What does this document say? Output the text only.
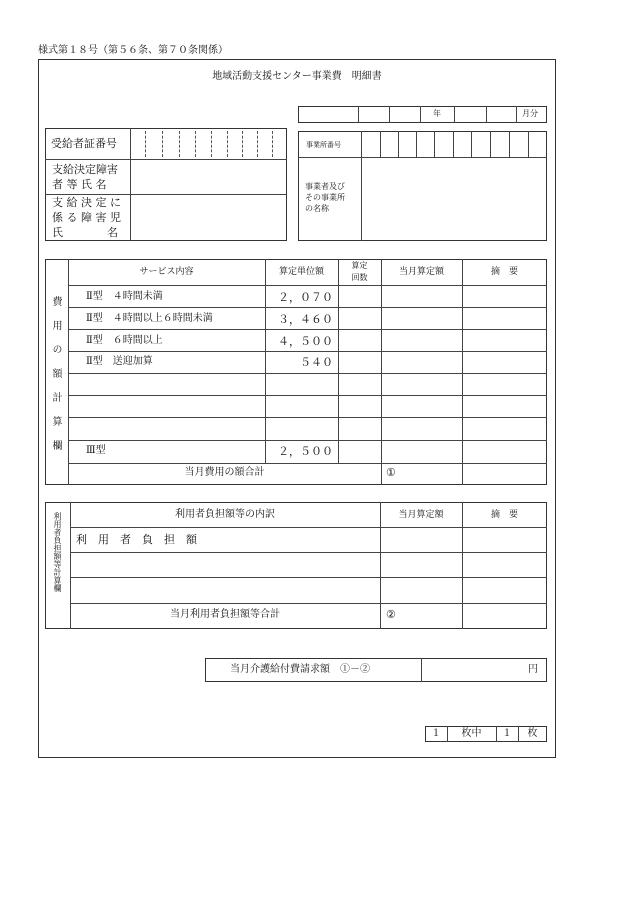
様式第１８号（第５６条、第７０条関係）
地域活動支援センター事業費　明細書
年	月分
受給者証番号
支給決定障害
者 等 氏 名
支 給 決 定 に
係 る 障 害 児
氏　　　　名
事業所番号
事業者及び
その事業所
の名称
費用の額計算欄
サービス内容	算定単位額
算定
回数
当月算定額	摘　要
Ⅱ型　４時間未満	２，０７０
Ⅱ型　４時間以上６時間未満	３，４６０
Ⅱ型　６時間以上	４，５００
Ⅱ型　送迎加算	５４０
Ⅲ型	２，５００
当月費用の額合計	①
利用者負担額等計算欄	利用者負担額等の内訳	当月算定額	摘　要
利　用　者　負　担　額
当月利用者負担額等合計	②
当月介護給付費請求額　①－②	円
１	枚中	１	枚
